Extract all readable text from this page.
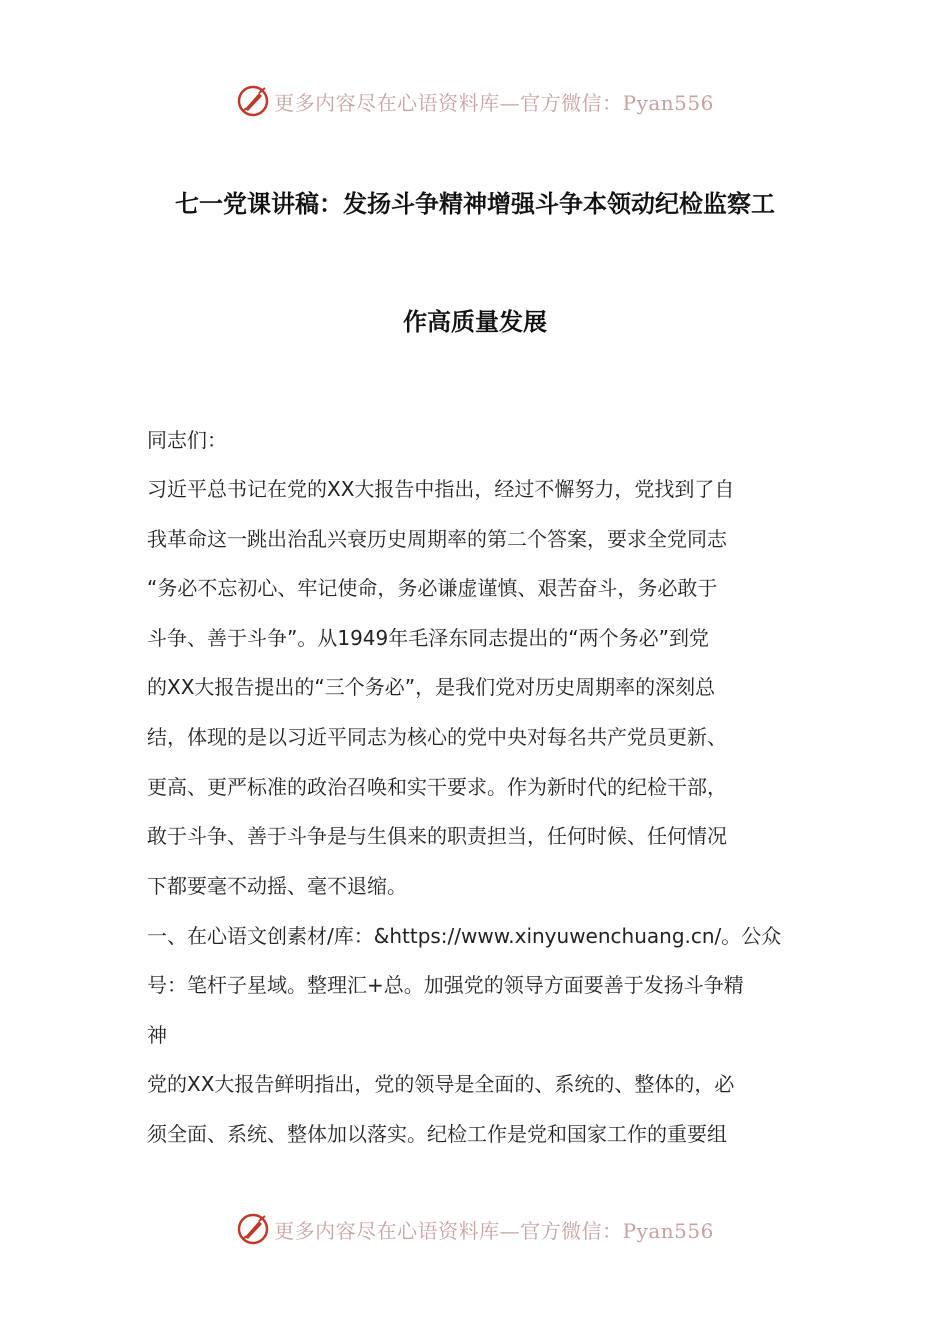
更多内容尽在心语资料库—官方微信：Pyan556
七一党课讲稿：发扬斗争精神增强斗争本领动纪检监察工
作高质量发展
同志们：
习近平总书记在党的XX大报告中指出，经过不懈努力，党找到了自
我革命这一跳出治乱兴衰历史周期率的第二个答案，要求全党同志
“务必不忘初心、牢记使命，务必谦虚谨慎、艰苦奋斗，务必敢于
斗争、善于斗争”。从1949年毛泽东同志提出的“两个务必”到党
的XX大报告提出的“三个务必”，是我们党对历史周期率的深刻总
结，体现的是以习近平同志为核心的党中央对每名共产党员更新、
更高、更严标准的政治召唤和实干要求。作为新时代的纪检干部，
敢于斗争、善于斗争是与生俱来的职责担当，任何时候、任何情况
下都要毫不动摇、毫不退缩。
一、在心语文创素材/库：&https://www.xinyuwenchuang.cn/。公众
号：笔杆子星域。整理汇+总。加强党的领导方面要善于发扬斗争精
神
党的XX大报告鲜明指出，党的领导是全面的、系统的、整体的，必
须全面、系统、整体加以落实。纪检工作是党和国家工作的重要组
更多内容尽在心语资料库—官方微信：Pyan556
